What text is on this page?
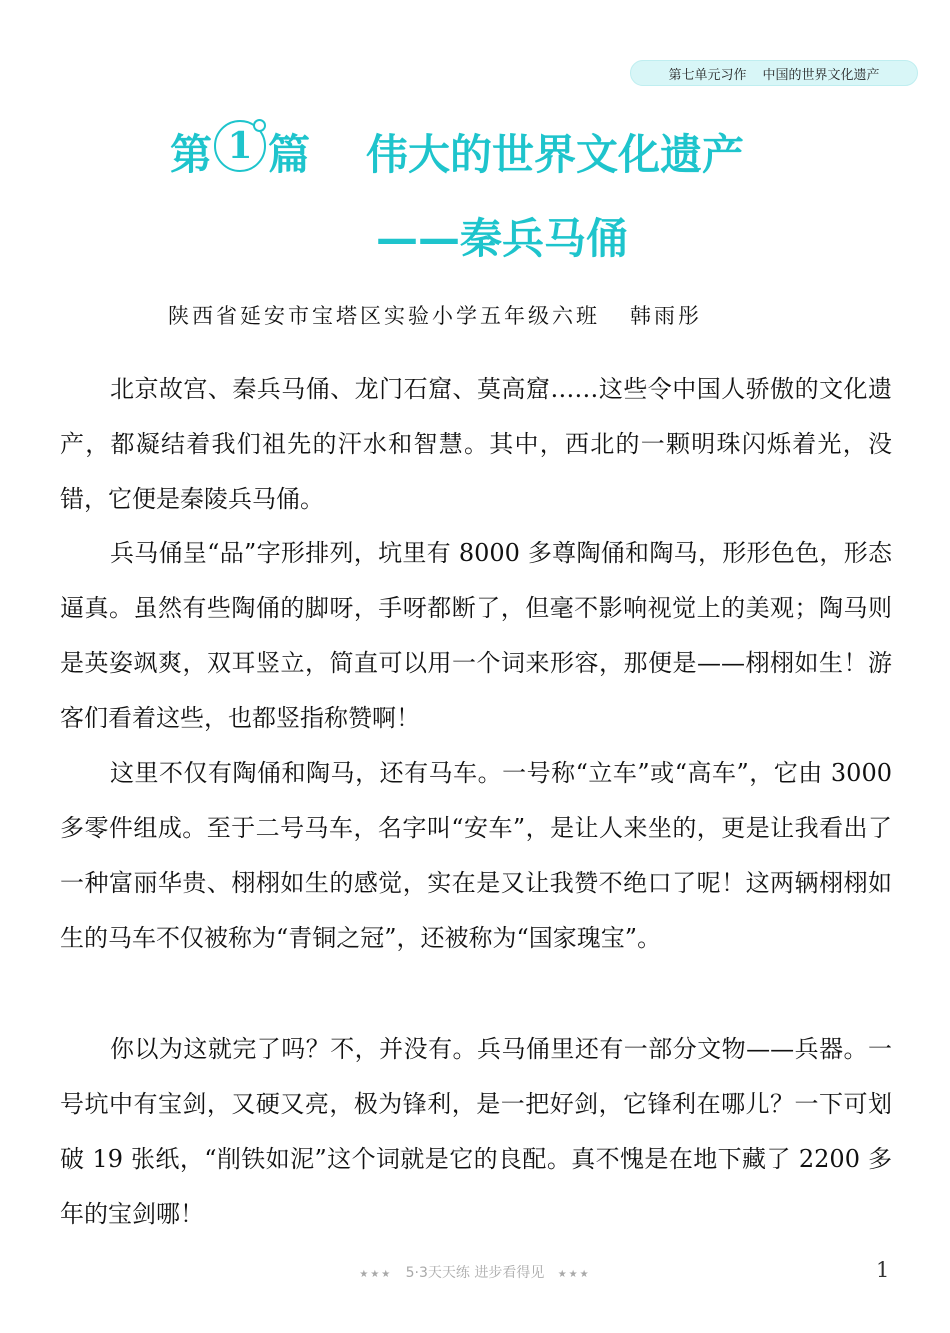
第七单元习作 中国的世界文化遗产
第 1 篇 伟大的世界文化遗产
——秦兵马俑
陕西省延安市宝塔区实验小学五年级六班 韩雨彤

北京故宫、秦兵马俑、龙门石窟、莫高窟……这些令中国人骄傲的文化遗产，都凝结着我们祖先的汗水和智慧。其中，西北的一颗明珠闪烁着光，没错，它便是秦陵兵马俑。

兵马俑呈“品”字形排列，坑里有 8000 多尊陶俑和陶马，形形色色，形态逼真。虽然有些陶俑的脚呀，手呀都断了，但毫不影响视觉上的美观；陶马则是英姿飒爽，双耳竖立，简直可以用一个词来形容，那便是——栩栩如生！游客们看着这些，也都竖指称赞啊！

这里不仅有陶俑和陶马，还有马车。一号称“立车”或“高车”，它由 3000 多零件组成。至于二号马车，名字叫“安车”，是让人来坐的，更是让我看出了一种富丽华贵、栩栩如生的感觉，实在是又让我赞不绝口了呢！这两辆栩栩如生的马车不仅被称为“青铜之冠”，还被称为“国家瑰宝”。

你以为这就完了吗？不，并没有。兵马俑里还有一部分文物——兵器。一号坑中有宝剑，又硬又亮，极为锋利，是一把好剑，它锋利在哪儿？一下可划破 19 张纸，“削铁如泥”这个词就是它的良配。真不愧是在地下藏了 2200 多年的宝剑哪！

★★★ 5·3天天练 进步看得见 ★★★	1
